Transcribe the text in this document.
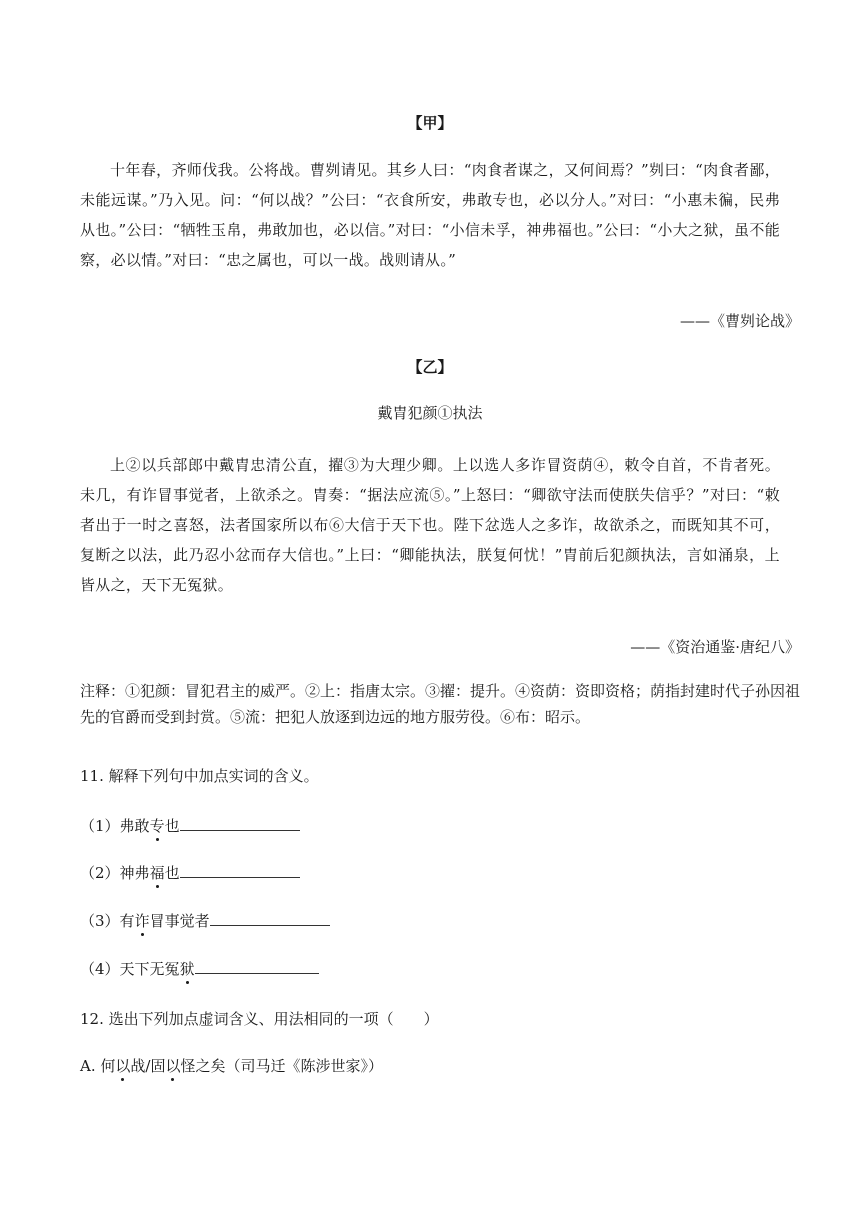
【甲】
十年春，齐师伐我。公将战。曹刿请见。其乡人曰：“肉食者谋之，又何间焉？”刿曰：“肉食者鄙，未能远谋。”乃入见。问：“何以战？”公曰：“衣食所安，弗敢专也，必以分人。”对曰：“小惠未徧，民弗从也。”公曰：“牺牲玉帛，弗敢加也，必以信。”对曰：“小信未孚，神弗福也。”公曰：“小大之狱，虽不能察，必以情。”对曰：“忠之属也，可以一战。战则请从。”
——《曹刿论战》
【乙】
戴胄犯颜①执法
上②以兵部郎中戴胄忠清公直，擢③为大理少卿。上以选人多诈冒资荫④，敕令自首，不肯者死。未几，有诈冒事觉者，上欲杀之。胄奏：“据法应流⑤。”上怒曰：“卿欲守法而使朕失信乎？”对曰：“敕者出于一时之喜怒，法者国家所以布⑥大信于天下也。陛下忿选人之多诈，故欲杀之，而既知其不可，复断之以法，此乃忍小忿而存大信也。”上曰：“卿能执法，朕复何忧！”胄前后犯颜执法，言如涌泉，上皆从之，天下无冤狱。
——《资治通鉴·唐纪八》
注释：①犯颜：冒犯君主的威严。②上：指唐太宗。③擢：提升。④资荫：资即资格；荫指封建时代子孙因祖先的官爵而受到封赏。⑤流：把犯人放逐到边远的地方服劳役。⑥布：昭示。
11. 解释下列句中加点实词的含义。
（1）弗敢专也
（2）神弗福也
（3）有诈冒事觉者
（4）天下无冤狱
12. 选出下列加点虚词含义、用法相同的一项（　　）
A. 何以战/固以怪之矣（司马迁《陈涉世家》）
